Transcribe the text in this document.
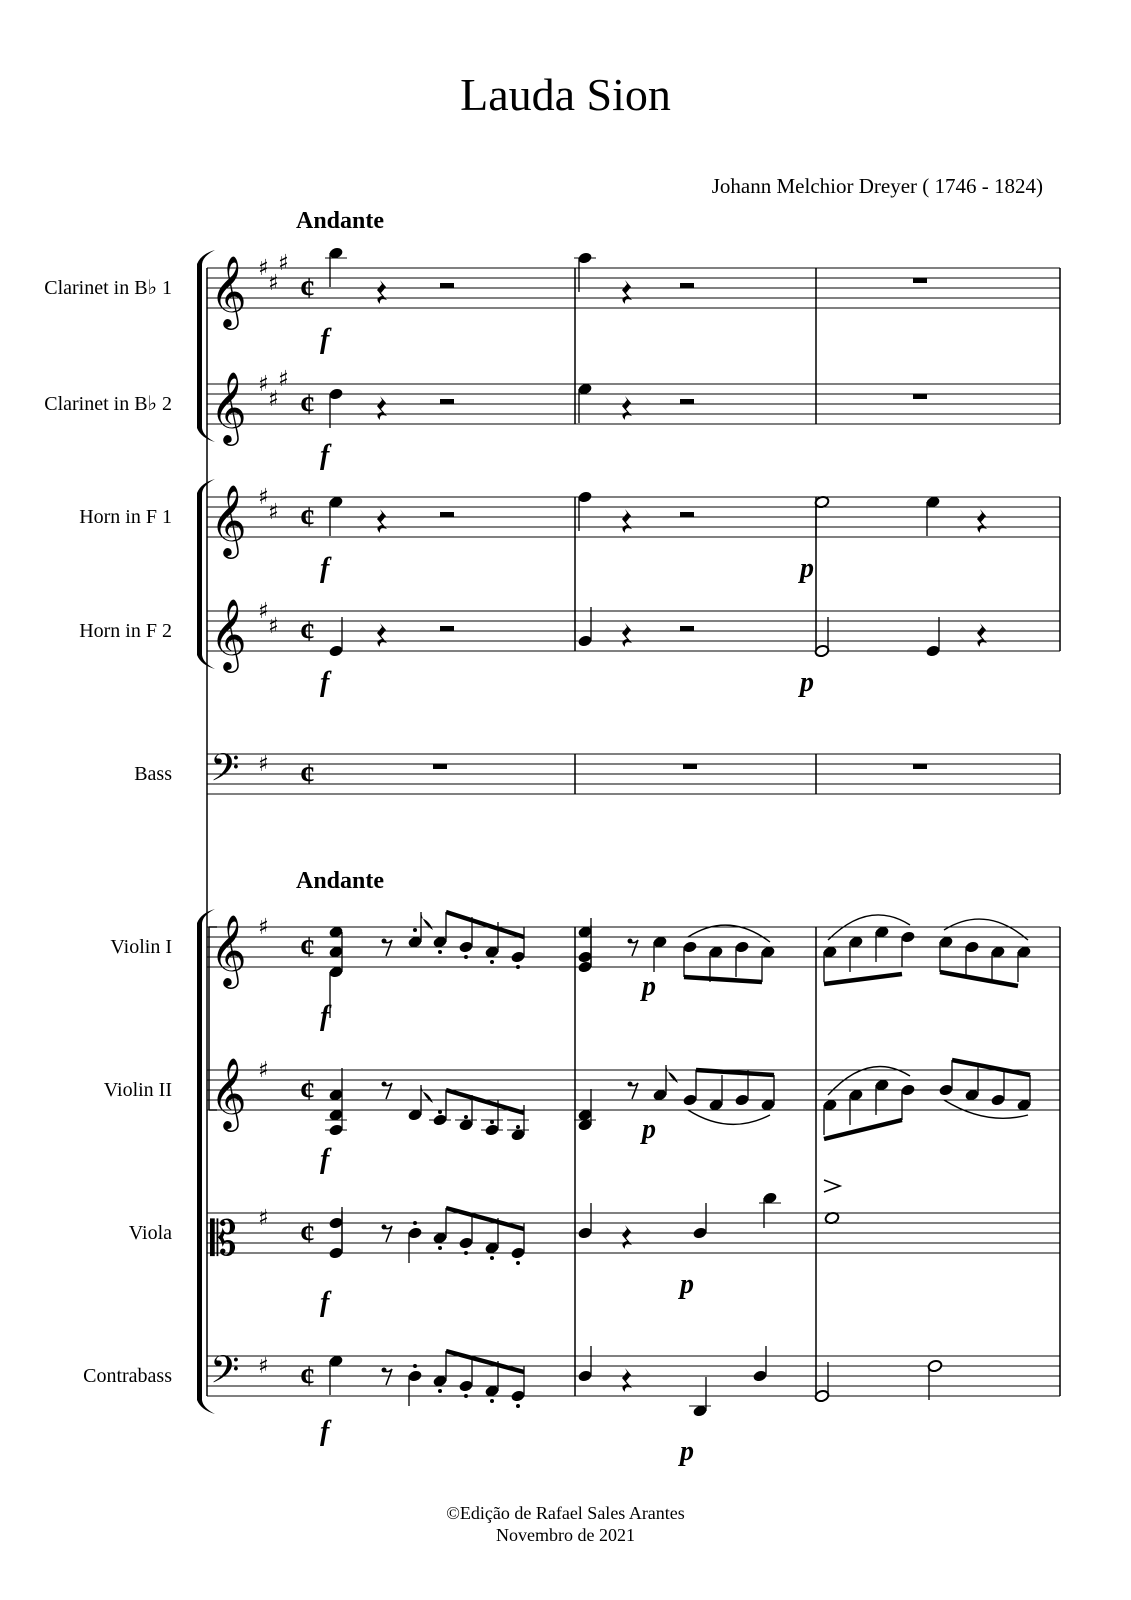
Lauda Sion
Johann Melchior Dreyer ( 1746 - 1824)
Andante
Andante
Clarinet in B♭ 1 𝄞 ♯
♯
♯
¢
Clarinet in B♭ 2 𝄞 ♯
♯
♯
¢
Horn in F 1 𝄞 ♯
♯ ¢
Horn in F 2 𝄞 ♯
♯ ¢
Bass 𝄢 ♯ ¢
Violin I 𝄞 ♯
¢
Violin II 𝄞 ♯
¢
Viola 𝄡 ♯ ¢
Contrabass 𝄢 ♯ ¢
f
f
f	p
f	p
f
p
f
p
f
p
f
p
©Edição de Rafael Sales Arantes
Novembro de 2021
